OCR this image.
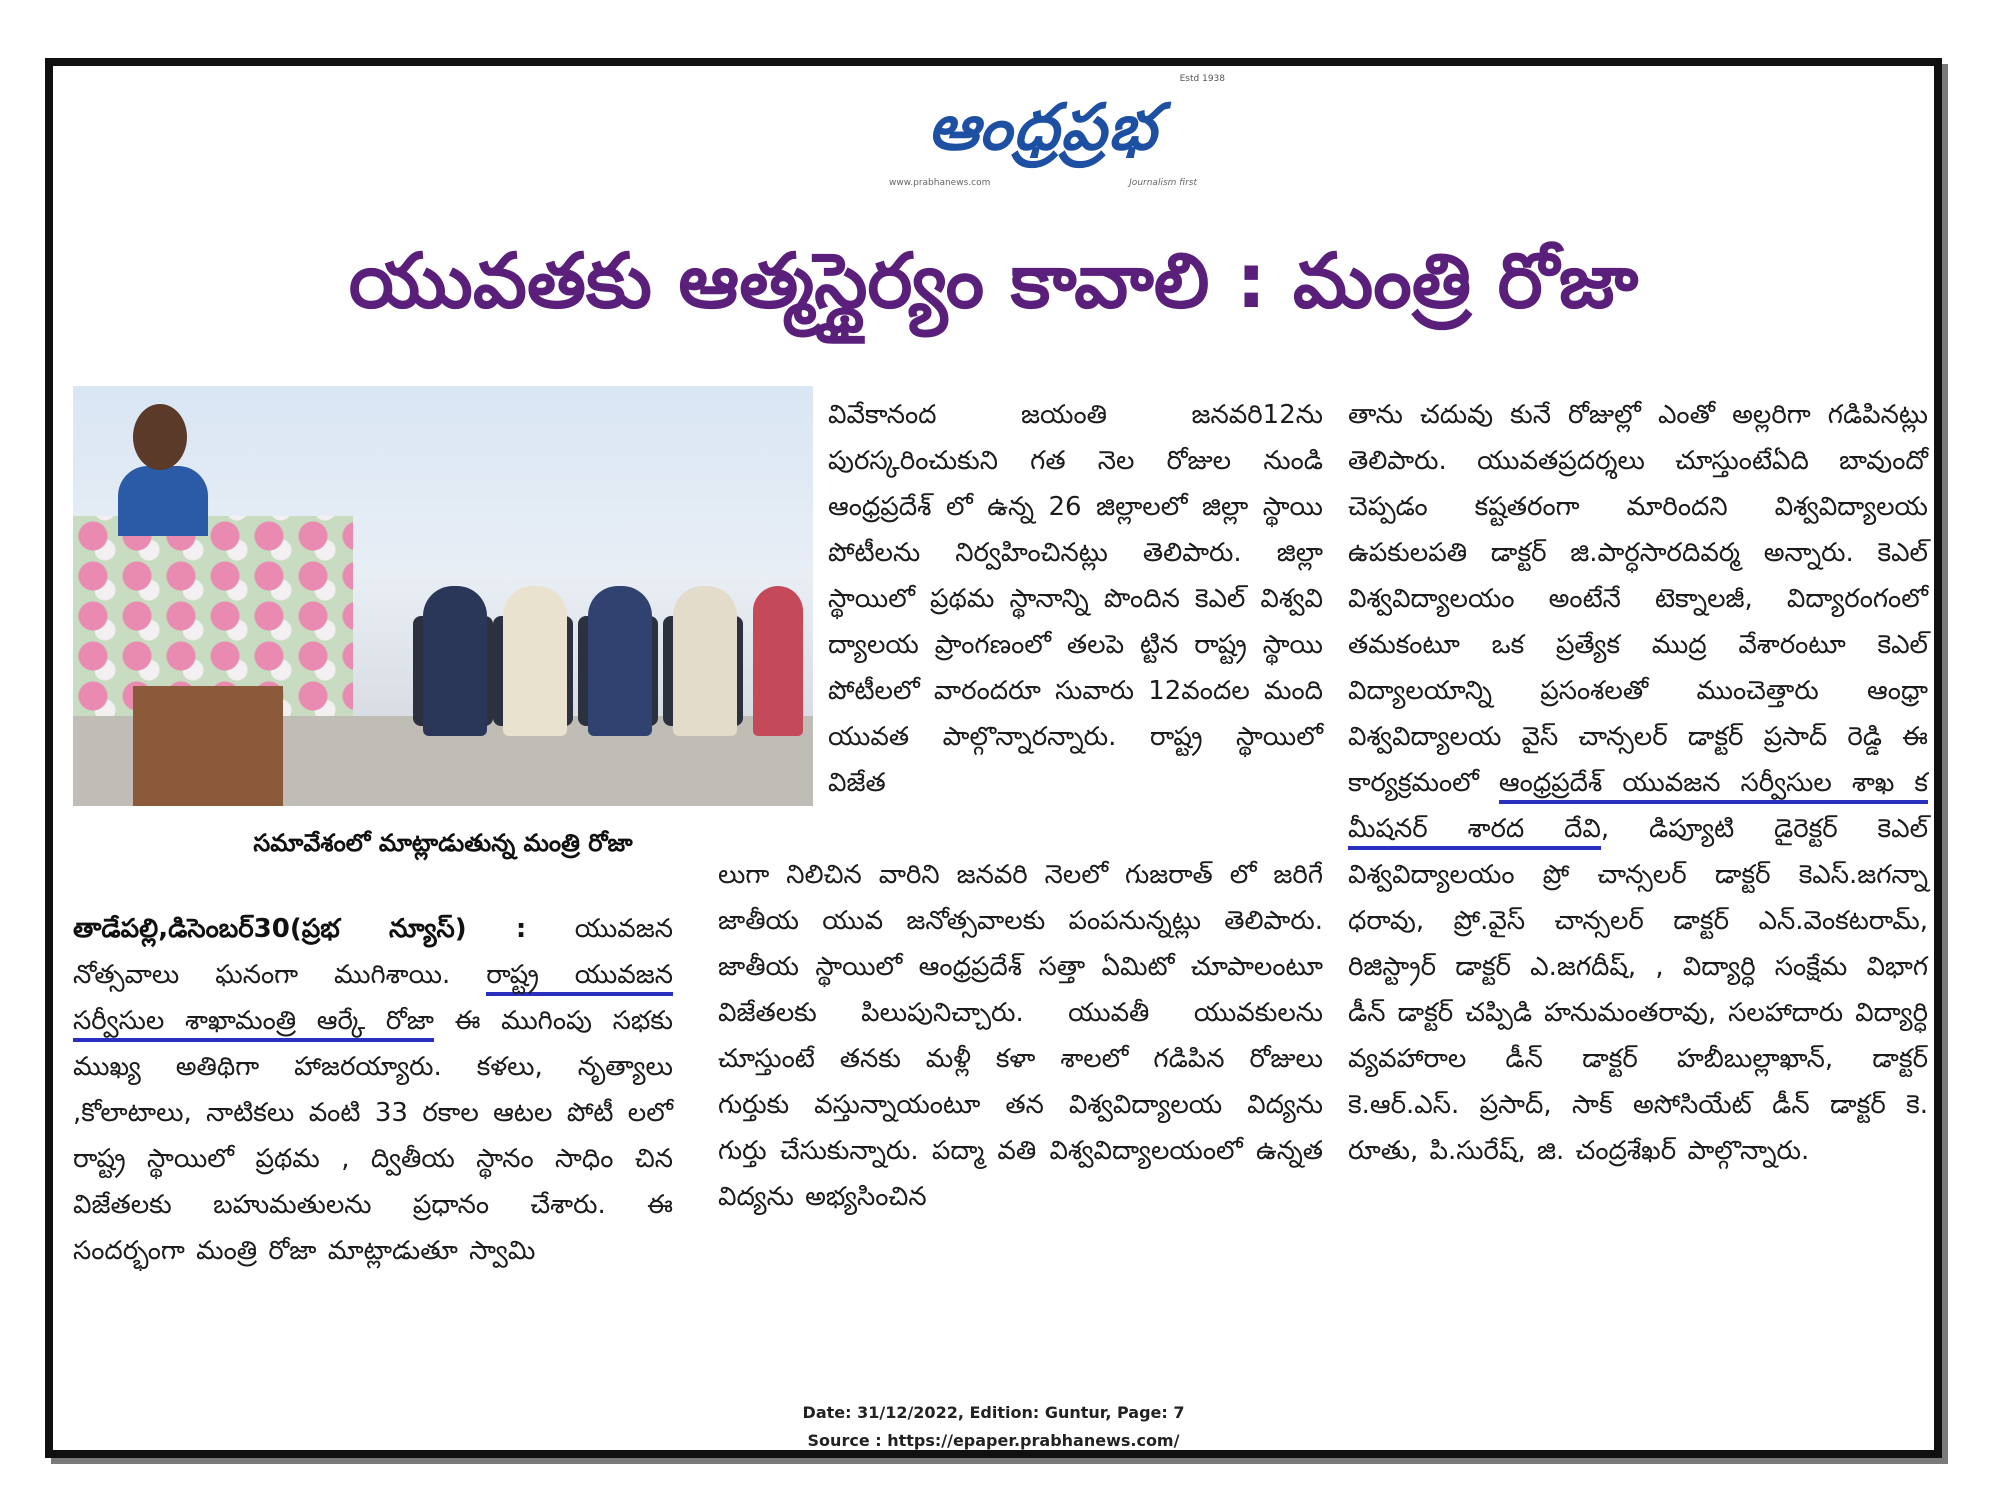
Estd 1938
ఆంధ్రప్రభ
www.prabhanews.com	Journalism first
యువతకు ఆత్మస్థైర్యం కావాలి : మంత్రి రోజా
సమావేశంలో మాట్లాడుతున్న మంత్రి రోజా

తాడేపల్లి,డిసెంబర్30(ప్రభ న్యూస్) : యువజన నోత్సవాలు ఘనంగా ముగిశాయి. రాష్ట్ర యువజన సర్వీసుల శాఖామంత్రి ఆర్కే రోజా ఈ ముగింపు సభకు ముఖ్య అతిథిగా హాజరయ్యారు. కళలు, నృత్యాలు ,కోలాటాలు, నాటికలు వంటి 33 రకాల ఆటల పోటీ లలో రాష్ట్ర స్థాయిలో ప్రథమ , ద్వితీయ స్థానం సాధిం చిన విజేతలకు బహుమతులను ప్రధానం చేశారు. ఈ సందర్భంగా మంత్రి రోజా మాట్లాడుతూ స్వామి

వివేకానంద జయంతి జనవరి12ను పురస్కరించుకుని గత నెల రోజుల నుండి ఆంధ్రప్రదేశ్ లో ఉన్న 26 జిల్లాలలో జిల్లా స్థాయి పోటీలను నిర్వహించినట్లు తెలిపారు. జిల్లా స్థాయిలో ప్రథమ స్థానాన్ని పొందిన కెఎల్ విశ్వవి ద్యాలయ ప్రాంగణంలో తలపె ట్టిన రాష్ట్ర స్థాయి పోటీలలో వారందరూ సువారు 12వందల మంది యువత పాల్గొన్నారన్నారు. రాష్ట్ర స్థాయిలో విజేత

లుగా నిలిచిన వారిని జనవరి నెలలో గుజరాత్ లో జరిగే జాతీయ యువ జనోత్సవాలకు పంపనున్నట్లు తెలిపారు. జాతీయ స్థాయిలో ఆంధ్రప్రదేశ్ సత్తా ఏమిటో చూపాలంటూ విజేతలకు పిలుపునిచ్చారు. యువతీ యువకులను చూస్తుంటే తనకు మళ్లీ కళా శాలలో గడిపిన రోజులు గుర్తుకు వస్తున్నాయంటూ తన విశ్వవిద్యాలయ విద్యను గుర్తు చేసుకున్నారు. పద్మా వతి విశ్వవిద్యాలయంలో ఉన్నత విద్యను అభ్యసించిన

తాను చదువు కునే రోజుల్లో ఎంతో అల్లరిగా గడిపినట్లు తెలిపారు. యువతప్రదర్శలు చూస్తుంటేఏది బావుందో చెప్పడం కష్టతరంగా మారిందని విశ్వవిద్యాలయ ఉపకులపతి డాక్టర్ జి.పార్ధసారదివర్మ అన్నారు. కెఎల్ విశ్వవిద్యాలయం అంటేనే టెక్నాలజీ, విద్యారంగంలో తమకంటూ ఒక ప్రత్యేక ముద్ర వేశారంటూ కెఎల్ విద్యాలయాన్ని ప్రసంశలతో ముంచెత్తారు ఆంధ్రా విశ్వవిద్యాలయ వైస్ చాన్సలర్ డాక్టర్ ప్రసాద్ రెడ్డి ఈ కార్యక్రమంలో ఆంధ్రప్రదేశ్ యువజన సర్వీసుల శాఖ క మీషనర్ శారద దేవి, డిప్యూటి డైరెక్టర్ కెఎల్ విశ్వవిద్యాలయం ప్రో చాన్సలర్ డాక్టర్ కెఎస్.జగన్నా ధరావు, ప్రో.వైస్ చాన్సలర్ డాక్టర్ ఎన్.వెంకటరామ్, రిజిస్ట్రార్ డాక్టర్ ఎ.జగదీష్, , విద్యార్ధి సంక్షేమ విభాగ డీన్ డాక్టర్ చప్పిడి హనుమంతరావు, సలహాదారు విద్యార్ధి వ్యవహారాల డీన్ డాక్టర్ హబీబుల్లాఖాన్, డాక్టర్ కె.ఆర్.ఎస్. ప్రసాద్, సాక్ అసోసియేట్ డీన్ డాక్టర్ కె. రూతు, పి.సురేష్, జి. చంద్రశేఖర్ పాల్గొన్నారు.

Date: 31/12/2022, Edition: Guntur, Page: 7
Source : https://epaper.prabhanews.com/
